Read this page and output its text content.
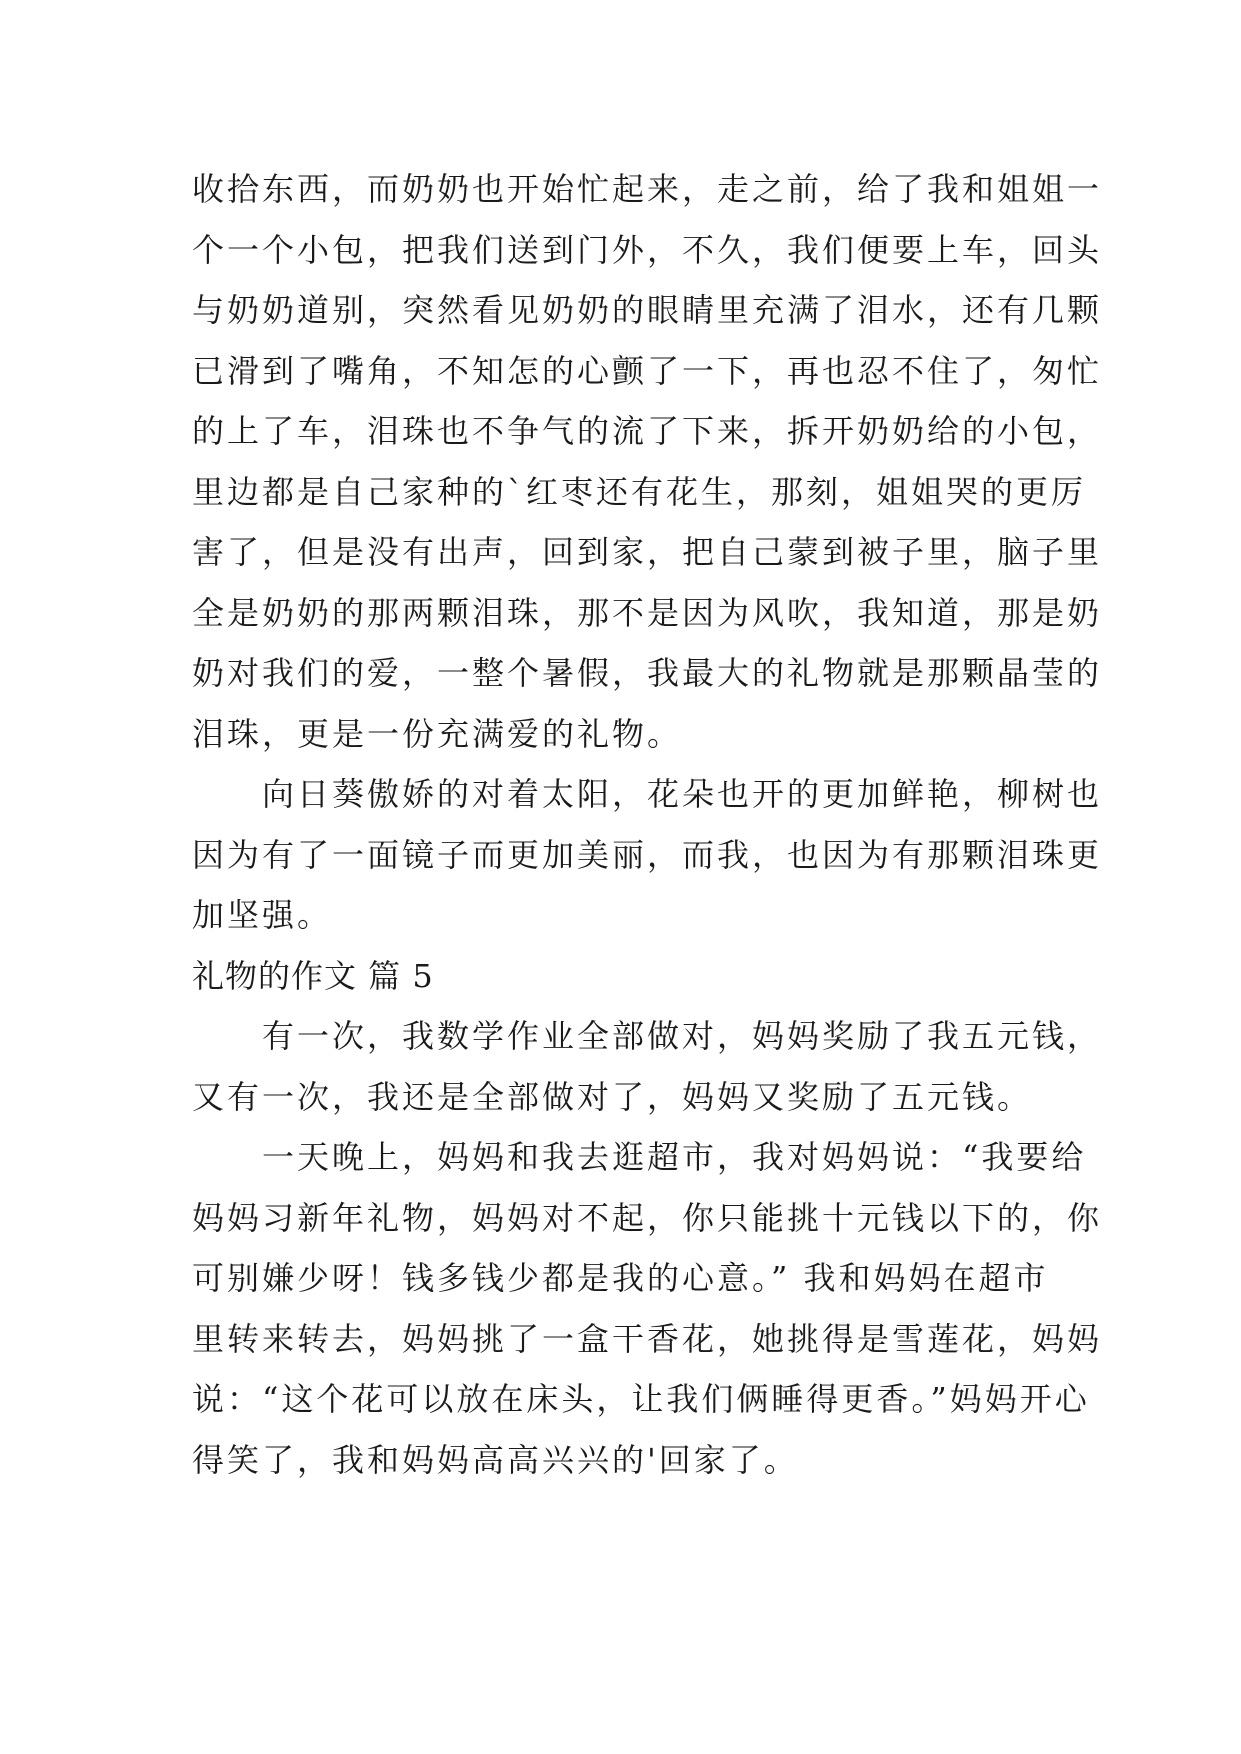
收拾东西，而奶奶也开始忙起来，走之前，给了我和姐姐一
个一个小包，把我们送到门外，不久，我们便要上车，回头
与奶奶道别，突然看见奶奶的眼睛里充满了泪水，还有几颗
已滑到了嘴角，不知怎的心颤了一下，再也忍不住了，匆忙
的上了车，泪珠也不争气的流了下来，拆开奶奶给的小包，
里边都是自己家种的`红枣还有花生，那刻，姐姐哭的更厉
害了，但是没有出声，回到家，把自己蒙到被子里，脑子里
全是奶奶的那两颗泪珠，那不是因为风吹，我知道，那是奶
奶对我们的爱，一整个暑假，我最大的礼物就是那颗晶莹的
泪珠，更是一份充满爱的礼物。
向日葵傲娇的对着太阳，花朵也开的更加鲜艳，柳树也
因为有了一面镜子而更加美丽，而我，也因为有那颗泪珠更
加坚强。
礼物的作文 篇 5
有一次，我数学作业全部做对，妈妈奖励了我五元钱，
又有一次，我还是全部做对了，妈妈又奖励了五元钱。
一天晚上，妈妈和我去逛超市，我对妈妈说：“我要给
妈妈习新年礼物，妈妈对不起，你只能挑十元钱以下的，你
可别嫌少呀！钱多钱少都是我的心意。” 我和妈妈在超市
里转来转去，妈妈挑了一盒干香花，她挑得是雪莲花，妈妈
说：“这个花可以放在床头，让我们俩睡得更香。”妈妈开心
得笑了，我和妈妈高高兴兴的'回家了。
